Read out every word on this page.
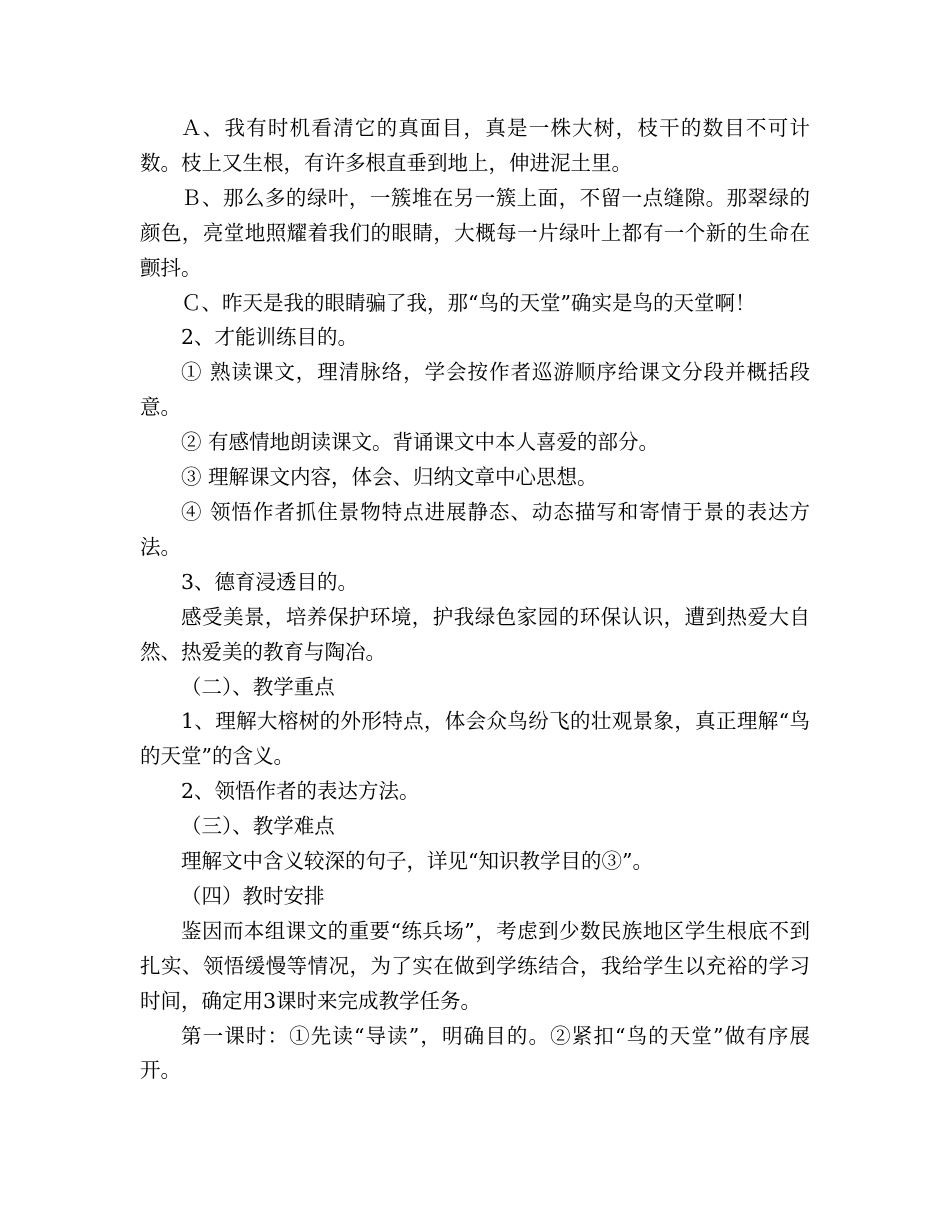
Ａ、我有时机看清它的真面目，真是一株大树，枝干的数目不可计数。枝上又生根，有许多根直垂到地上，伸进泥土里。

Ｂ、那么多的绿叶，一簇堆在另一簇上面，不留一点缝隙。那翠绿的颜色，亮堂地照耀着我们的眼睛，大概每一片绿叶上都有一个新的生命在颤抖。

Ｃ、昨天是我的眼睛骗了我，那“鸟的天堂”确实是鸟的天堂啊！

2、才能训练目的。

① 熟读课文，理清脉络，学会按作者巡游顺序给课文分段并概括段意。

② 有感情地朗读课文。背诵课文中本人喜爱的部分。

③ 理解课文内容，体会、归纳文章中心思想。

④ 领悟作者抓住景物特点进展静态、动态描写和寄情于景的表达方法。

3、德育浸透目的。

感受美景，培养保护环境，护我绿色家园的环保认识，遭到热爱大自然、热爱美的教育与陶冶。

（二）、教学重点

1、理解大榕树的外形特点，体会众鸟纷飞的壮观景象，真正理解“鸟的天堂”的含义。

2、领悟作者的表达方法。

（三）、教学难点

理解文中含义较深的句子，详见“知识教学目的③”。

（四）教时安排

鉴因而本组课文的重要“练兵场”，考虑到少数民族地区学生根底不到扎实、领悟缓慢等情况，为了实在做到学练结合，我给学生以充裕的学习时间，确定用3课时来完成教学任务。

第一课时：①先读“导读”，明确目的。②紧扣“鸟的天堂”做有序展开。
